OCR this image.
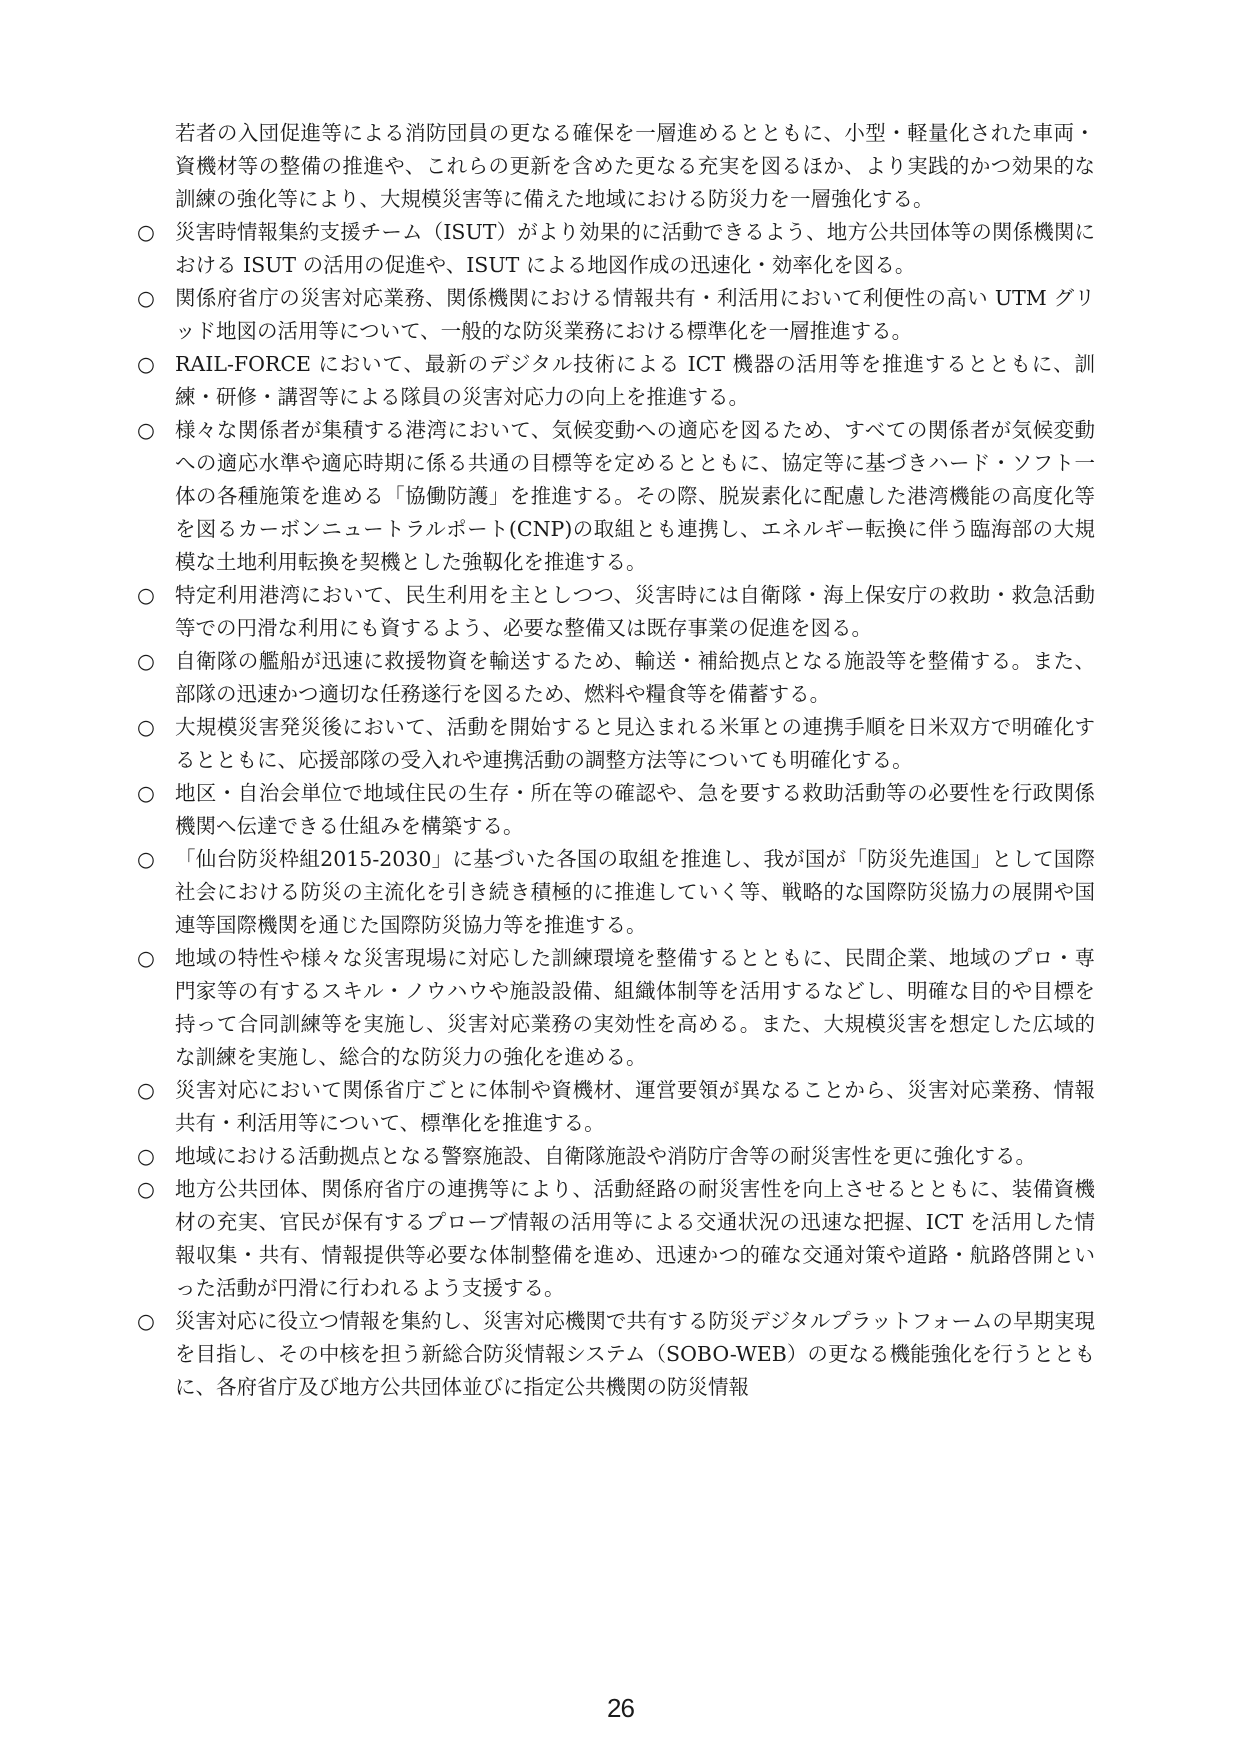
若者の入団促進等による消防団員の更なる確保を一層進めるとともに、小型・軽量化された車両・資機材等の整備の推進や、これらの更新を含めた更なる充実を図るほか、より実践的かつ効果的な訓練の強化等により、大規模災害等に備えた地域における防災力を一層強化する。

○ 災害時情報集約支援チーム（ISUT）がより効果的に活動できるよう、地方公共団体等の関係機関における ISUT の活用の促進や、ISUT による地図作成の迅速化・効率化を図る。

○ 関係府省庁の災害対応業務、関係機関における情報共有・利活用において利便性の高い UTM グリッド地図の活用等について、一般的な防災業務における標準化を一層推進する。

○ RAIL-FORCE において、最新のデジタル技術による ICT 機器の活用等を推進するとともに、訓練・研修・講習等による隊員の災害対応力の向上を推進する。

○ 様々な関係者が集積する港湾において、気候変動への適応を図るため、すべての関係者が気候変動への適応水準や適応時期に係る共通の目標等を定めるとともに、協定等に基づきハード・ソフト一体の各種施策を進める「協働防護」を推進する。その際、脱炭素化に配慮した港湾機能の高度化等を図るカーボンニュートラルポート(CNP)の取組とも連携し、エネルギー転換に伴う臨海部の大規模な土地利用転換を契機とした強靱化を推進する。

○ 特定利用港湾において、民生利用を主としつつ、災害時には自衛隊・海上保安庁の救助・救急活動等での円滑な利用にも資するよう、必要な整備又は既存事業の促進を図る。

○ 自衛隊の艦船が迅速に救援物資を輸送するため、輸送・補給拠点となる施設等を整備する。また、部隊の迅速かつ適切な任務遂行を図るため、燃料や糧食等を備蓄する。

○ 大規模災害発災後において、活動を開始すると見込まれる米軍との連携手順を日米双方で明確化するとともに、応援部隊の受入れや連携活動の調整方法等についても明確化する。

○ 地区・自治会単位で地域住民の生存・所在等の確認や、急を要する救助活動等の必要性を行政関係機関へ伝達できる仕組みを構築する。

○ 「仙台防災枠組2015-2030」に基づいた各国の取組を推進し、我が国が「防災先進国」として国際社会における防災の主流化を引き続き積極的に推進していく等、戦略的な国際防災協力の展開や国連等国際機関を通じた国際防災協力等を推進する。

○ 地域の特性や様々な災害現場に対応した訓練環境を整備するとともに、民間企業、地域のプロ・専門家等の有するスキル・ノウハウや施設設備、組織体制等を活用するなどし、明確な目的や目標を持って合同訓練等を実施し、災害対応業務の実効性を高める。また、大規模災害を想定した広域的な訓練を実施し、総合的な防災力の強化を進める。

○ 災害対応において関係省庁ごとに体制や資機材、運営要領が異なることから、災害対応業務、情報共有・利活用等について、標準化を推進する。

○ 地域における活動拠点となる警察施設、自衛隊施設や消防庁舎等の耐災害性を更に強化する。

○ 地方公共団体、関係府省庁の連携等により、活動経路の耐災害性を向上させるとともに、装備資機材の充実、官民が保有するプローブ情報の活用等による交通状況の迅速な把握、ICT を活用した情報収集・共有、情報提供等必要な体制整備を進め、迅速かつ的確な交通対策や道路・航路啓開といった活動が円滑に行われるよう支援する。

○ 災害対応に役立つ情報を集約し、災害対応機関で共有する防災デジタルプラットフォームの早期実現を目指し、その中核を担う新総合防災情報システム（SOBO-WEB）の更なる機能強化を行うとともに、各府省庁及び地方公共団体並びに指定公共機関の防災情報

26
